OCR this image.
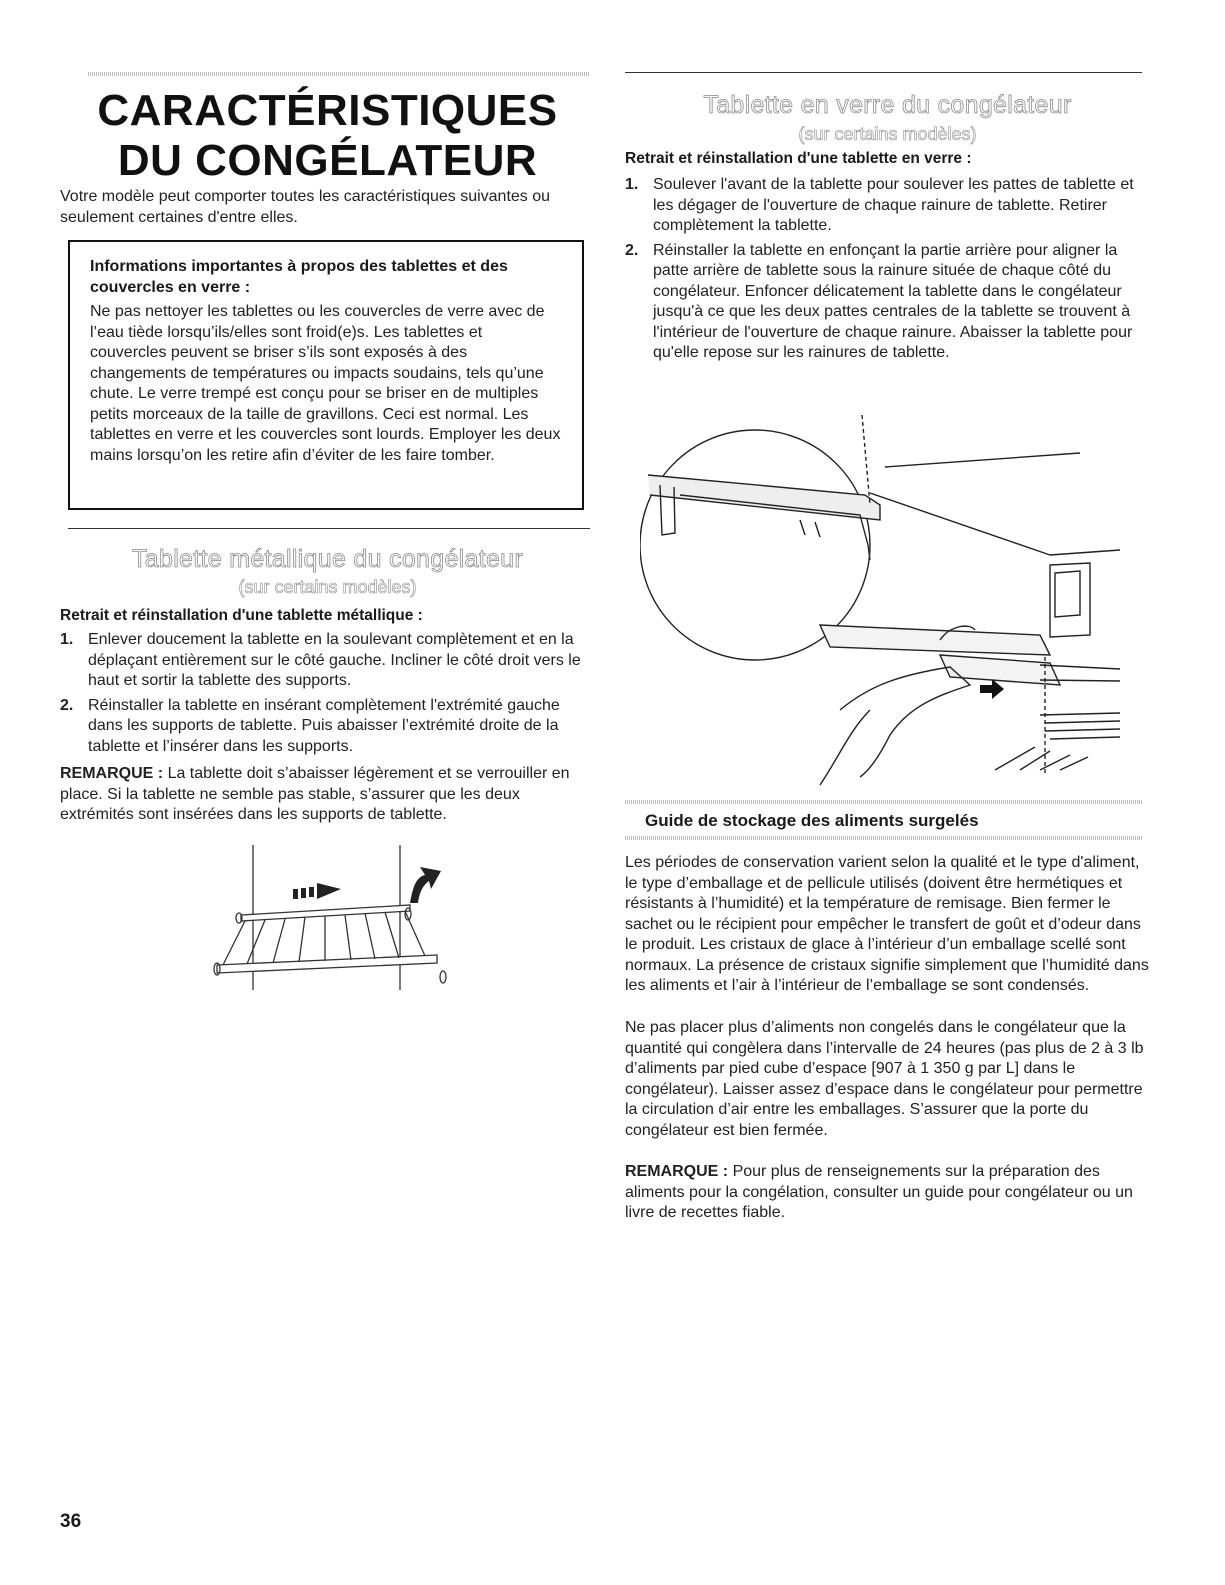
CARACTÉRISTIQUES
DU CONGÉLATEUR

Votre modèle peut comporter toutes les caractéristiques suivantes ou seulement certaines d'entre elles.

Informations importantes à propos des tablettes et des couvercles en verre :

Ne pas nettoyer les tablettes ou les couvercles de verre avec de l’eau tiède lorsqu’ils/elles sont froid(e)s. Les tablettes et couvercles peuvent se briser s’ils sont exposés à des changements de températures ou impacts soudains, tels qu’une chute. Le verre trempé est conçu pour se briser en de multiples petits morceaux de la taille de gravillons. Ceci est normal. Les tablettes en verre et les couvercles sont lourds. Employer les deux mains lorsqu’on les retire afin d’éviter de les faire tomber.

Tablette métallique du congélateur

(sur certains modèles)

Retrait et réinstallation d'une tablette métallique :

1. Enlever doucement la tablette en la soulevant complètement et en la déplaçant entièrement sur le côté gauche. Incliner le côté droit vers le haut et sortir la tablette des supports.
2. Réinstaller la tablette en insérant complètement l'extrémité gauche dans les supports de tablette. Puis abaisser l’extrémité droite de la tablette et l’insérer dans les supports.

REMARQUE : La tablette doit s’abaisser légèrement et se verrouiller en place. Si la tablette ne semble pas stable, s’assurer que les deux extrémités sont insérées dans les supports de tablette.

Tablette en verre du congélateur

(sur certains modèles)

Retrait et réinstallation d'une tablette en verre :

1. Soulever l'avant de la tablette pour soulever les pattes de tablette et les dégager de l'ouverture de chaque rainure de tablette. Retirer complètement la tablette.
2. Réinstaller la tablette en enfonçant la partie arrière pour aligner la patte arrière de tablette sous la rainure située de chaque côté du congélateur. Enfoncer délicatement la tablette dans le congélateur jusqu'à ce que les deux pattes centrales de la tablette se trouvent à l'intérieur de l'ouverture de chaque rainure. Abaisser la tablette pour qu'elle repose sur les rainures de tablette.
Guide de stockage des aliments surgelés

Les périodes de conservation varient selon la qualité et le type d'aliment, le type d’emballage et de pellicule utilisés (doivent être hermétiques et résistants à l’humidité) et la température de remisage. Bien fermer le sachet ou le récipient pour empêcher le transfert de goût et d’odeur dans le produit. Les cristaux de glace à l’intérieur d’un emballage scellé sont normaux. La présence de cristaux signifie simplement que l’humidité dans les aliments et l’air à l’intérieur de l’emballage se sont condensés.

Ne pas placer plus d’aliments non congelés dans le congélateur que la quantité qui congèlera dans l’intervalle de 24 heures (pas plus de 2 à 3 lb d’aliments par pied cube d’espace [907 à 1 350 g par L] dans le congélateur). Laisser assez d’espace dans le congélateur pour permettre la circulation d’air entre les emballages. S’assurer que la porte du congélateur est bien fermée.

REMARQUE : Pour plus de renseignements sur la préparation des aliments pour la congélation, consulter un guide pour congélateur ou un livre de recettes fiable.

36
